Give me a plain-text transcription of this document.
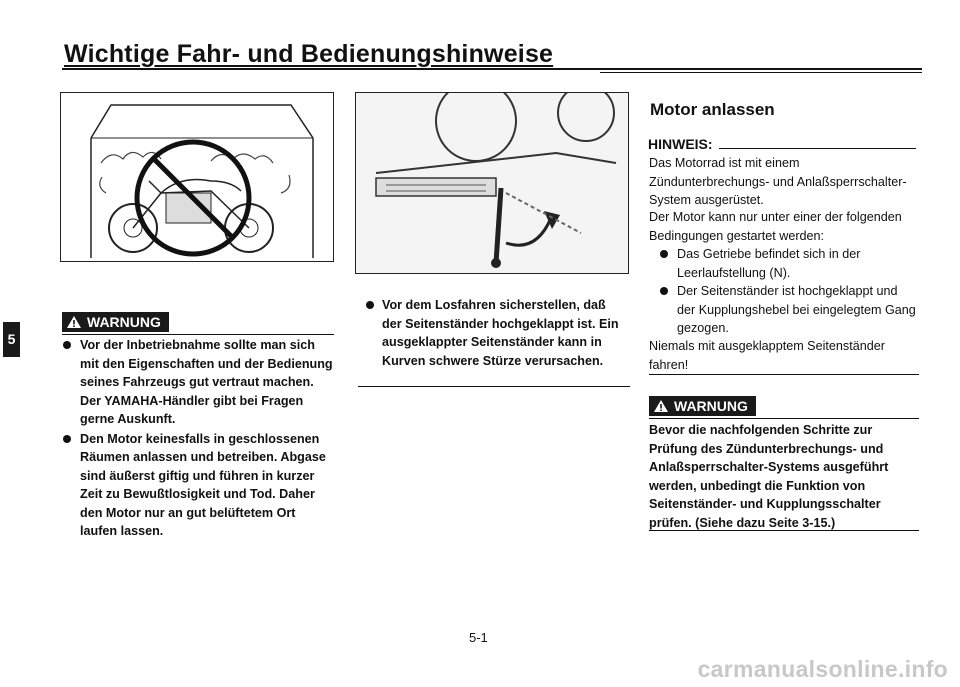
Wichtige Fahr- und Bedienungshinweise
5
WARNUNG
Vor der Inbetriebnahme sollte man sich mit den Eigenschaften und der Bedienung seines Fahrzeugs gut vertraut machen. Der YAMAHA-Händler gibt bei Fragen gerne Auskunft.
Den Motor keinesfalls in geschlossenen Räumen anlassen und betreiben. Abgase sind äußerst giftig und führen in kurzer Zeit zu Bewußtlosigkeit und Tod. Daher den Motor nur an gut belüftetem Ort laufen lassen.
Vor dem Losfahren sicherstellen, daß der Seitenständer hochgeklappt ist. Ein ausgeklappter Seitenständer kann in Kurven schwere Stürze verursachen.
Motor anlassen
HINWEIS:
Das Motorrad ist mit einem Zündunterbrechungs- und Anlaßsperrschalter-System ausgerüstet.
Der Motor kann nur unter einer der folgenden Bedingungen gestartet werden:
Das Getriebe befindet sich in der Leerlaufstellung (N).
Der Seitenständer ist hochgeklappt und der Kupplungshebel bei eingelegtem Gang gezogen.
Niemals mit ausgeklapptem Seitenständer fahren!
WARNUNG
Bevor die nachfolgenden Schritte zur Prüfung des Zündunterbrechungs- und Anlaßsperrschalter-Systems ausgeführt werden, unbedingt die Funktion von Seitenständer- und Kupplungsschalter prüfen. (Siehe dazu Seite 3-15.)
5-1
carmanualsonline.info
